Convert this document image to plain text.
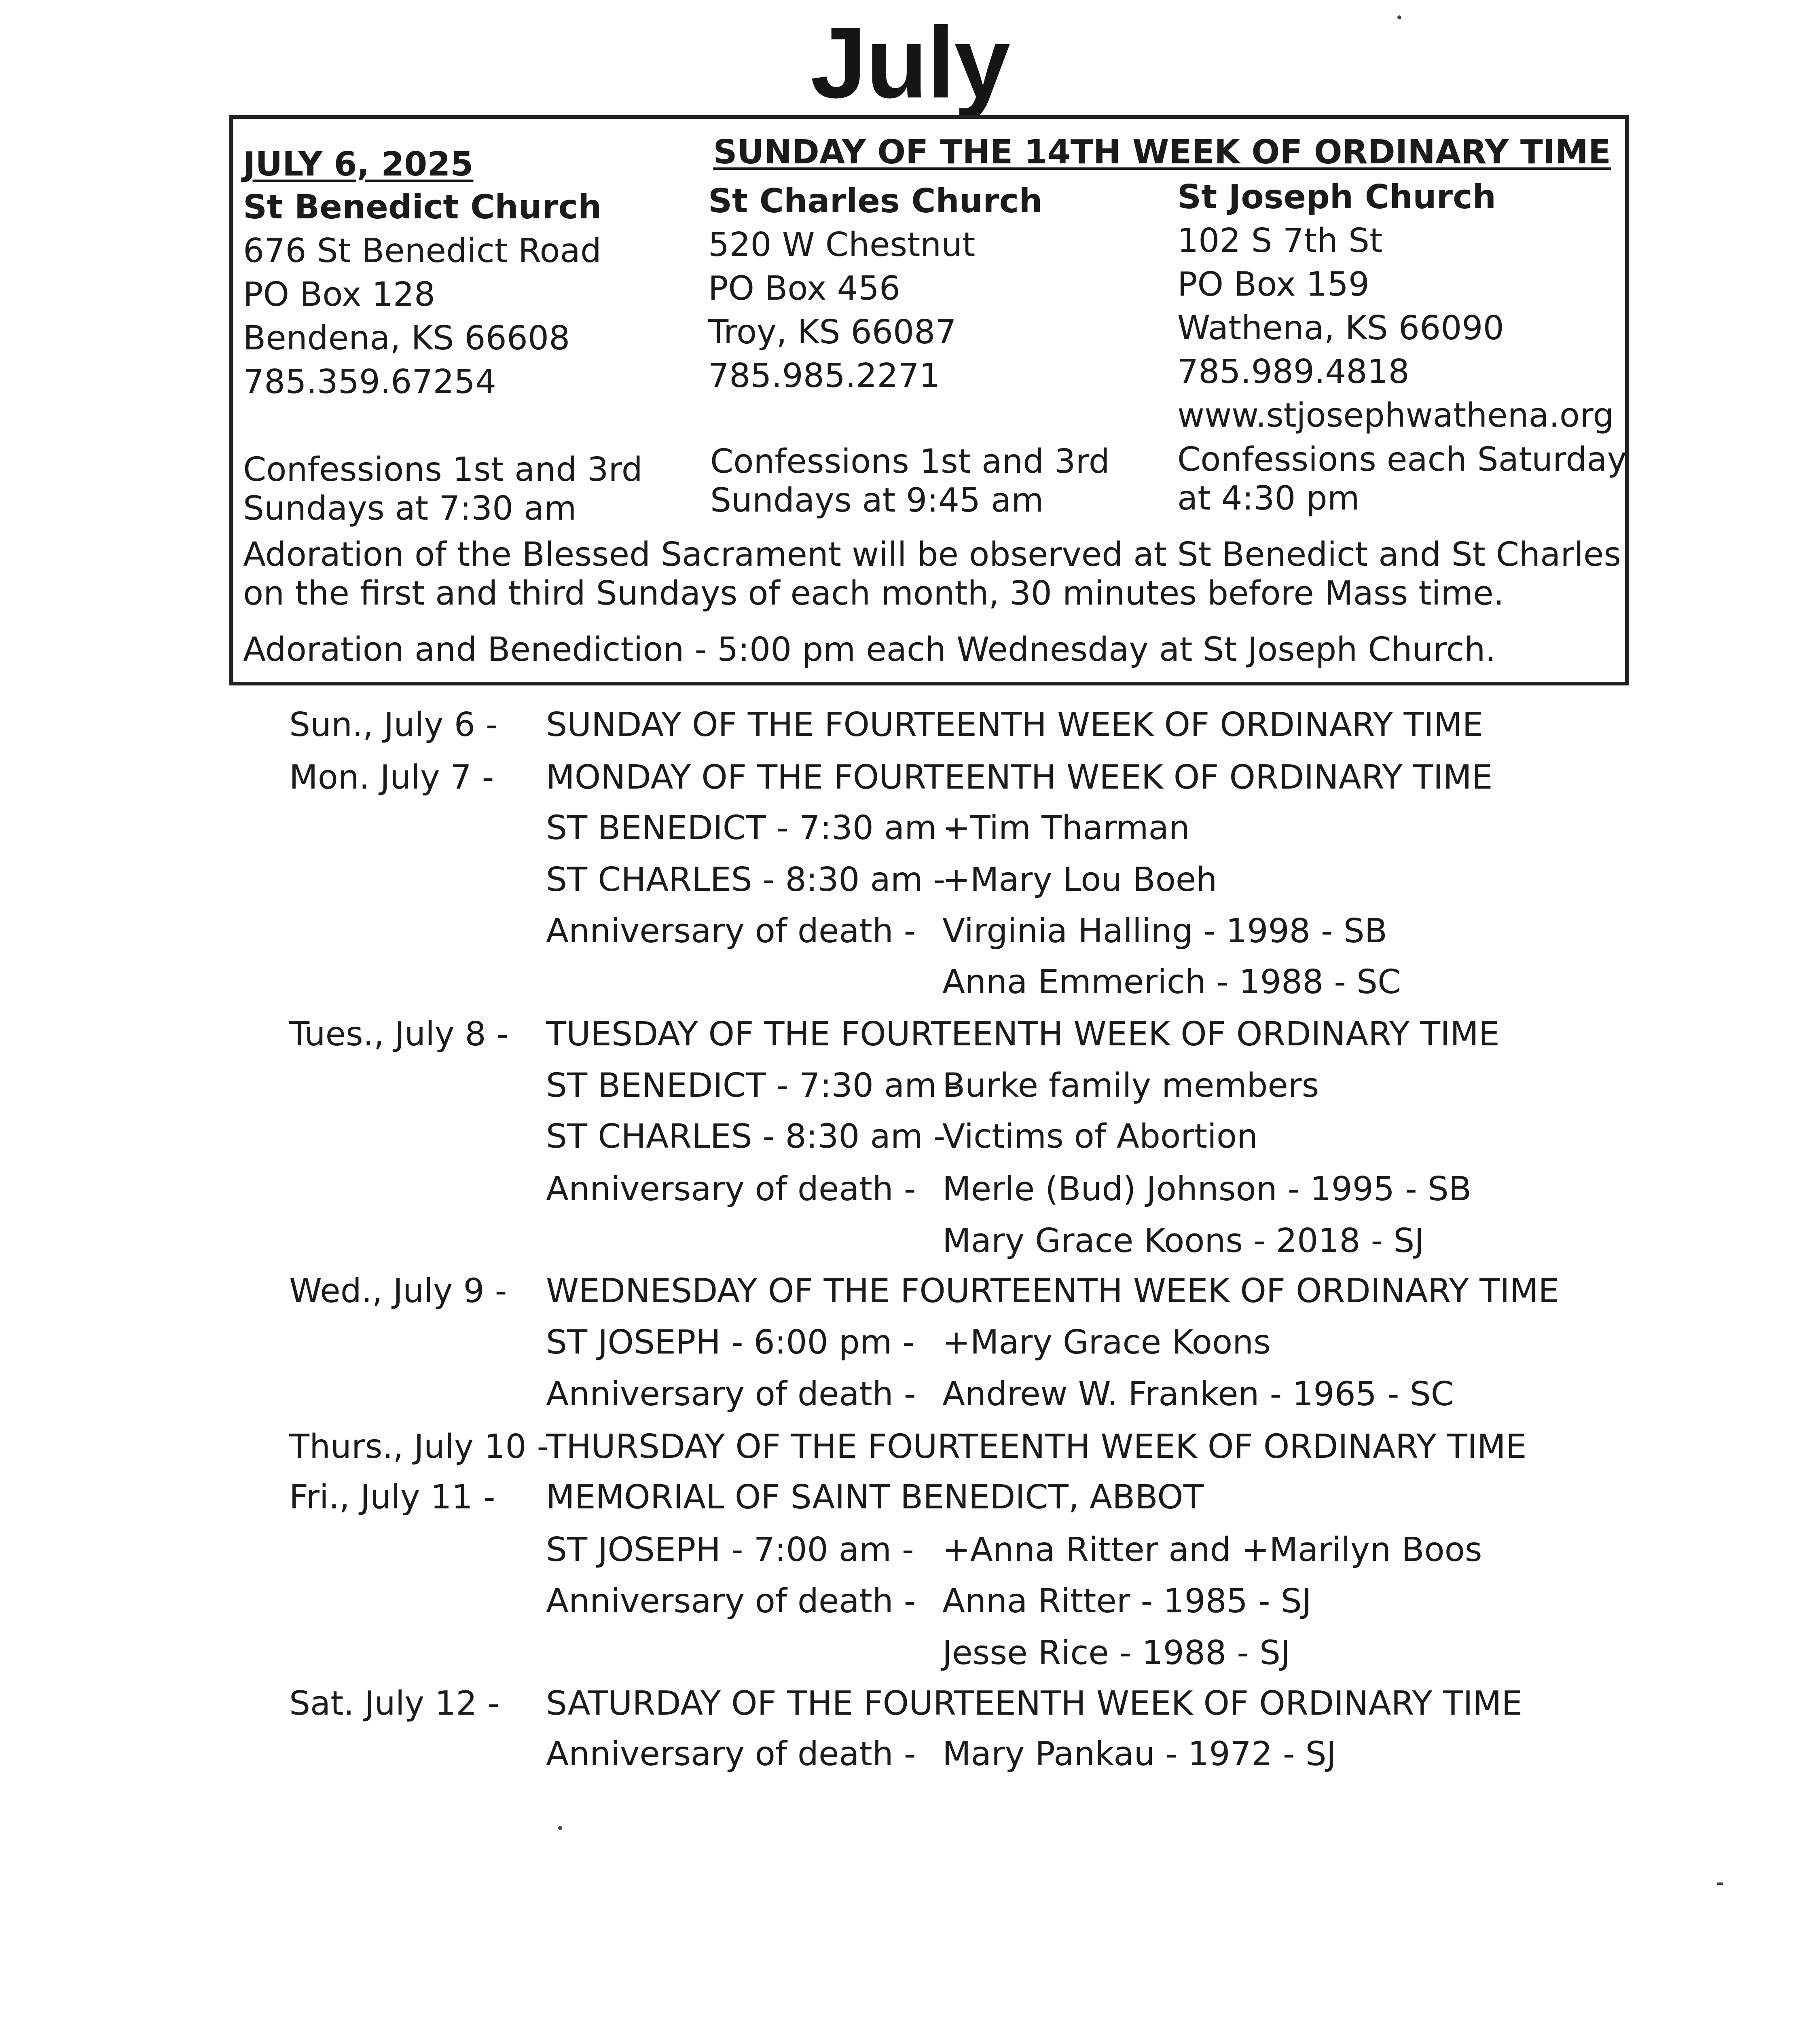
July
JULY 6, 2025	SUNDAY OF THE 14TH WEEK OF ORDINARY TIME
St Benedict Church
676 St Benedict Road
PO Box 128
Bendena, KS 66608
785.359.67254
St Charles Church
520 W Chestnut
PO Box 456
Troy, KS 66087
785.985.2271
St Joseph Church
102 S 7th St
PO Box 159
Wathena, KS 66090
785.989.4818
www.stjosephwathena.org
Confessions 1st and 3rd
Sundays at 7:30 am
Confessions 1st and 3rd
Sundays at 9:45 am
Confessions each Saturday
at 4:30 pm
Adoration of the Blessed Sacrament will be observed at St Benedict and St Charles on the first and third Sundays of each month, 30 minutes before Mass time.
Adoration and Benediction - 5:00 pm each Wednesday at St Joseph Church.
Sun., July 6 - SUNDAY OF THE FOURTEENTH WEEK OF ORDINARY TIME
Mon. July 7 - MONDAY OF THE FOURTEENTH WEEK OF ORDINARY TIME
ST BENEDICT - 7:30 am -
+Tim Tharman
ST CHARLES - 8:30 am -
+Mary Lou Boeh
Anniversary of death - Virginia Halling - 1998 - SB
Anna Emmerich - 1988 - SC
Tues., July 8 - TUESDAY OF THE FOURTEENTH WEEK OF ORDINARY TIME
ST BENEDICT - 7:30 am -
Burke family members
ST CHARLES - 8:30 am -
Victims of Abortion
Anniversary of death - Merle (Bud) Johnson - 1995 - SB
Mary Grace Koons - 2018 - SJ
Wed., July 9 - WEDNESDAY OF THE FOURTEENTH WEEK OF ORDINARY TIME
ST JOSEPH - 6:00 pm - +Mary Grace Koons
Anniversary of death - Andrew W. Franken - 1965 - SC
Thurs., July 10 -
THURSDAY OF THE FOURTEENTH WEEK OF ORDINARY TIME
Fri., July 11 - MEMORIAL OF SAINT BENEDICT, ABBOT
ST JOSEPH - 7:00 am - +Anna Ritter and +Marilyn Boos
Anniversary of death - Anna Ritter - 1985 - SJ
Jesse Rice - 1988 - SJ
Sat. July 12 - SATURDAY OF THE FOURTEENTH WEEK OF ORDINARY TIME
Anniversary of death - Mary Pankau - 1972 - SJ
